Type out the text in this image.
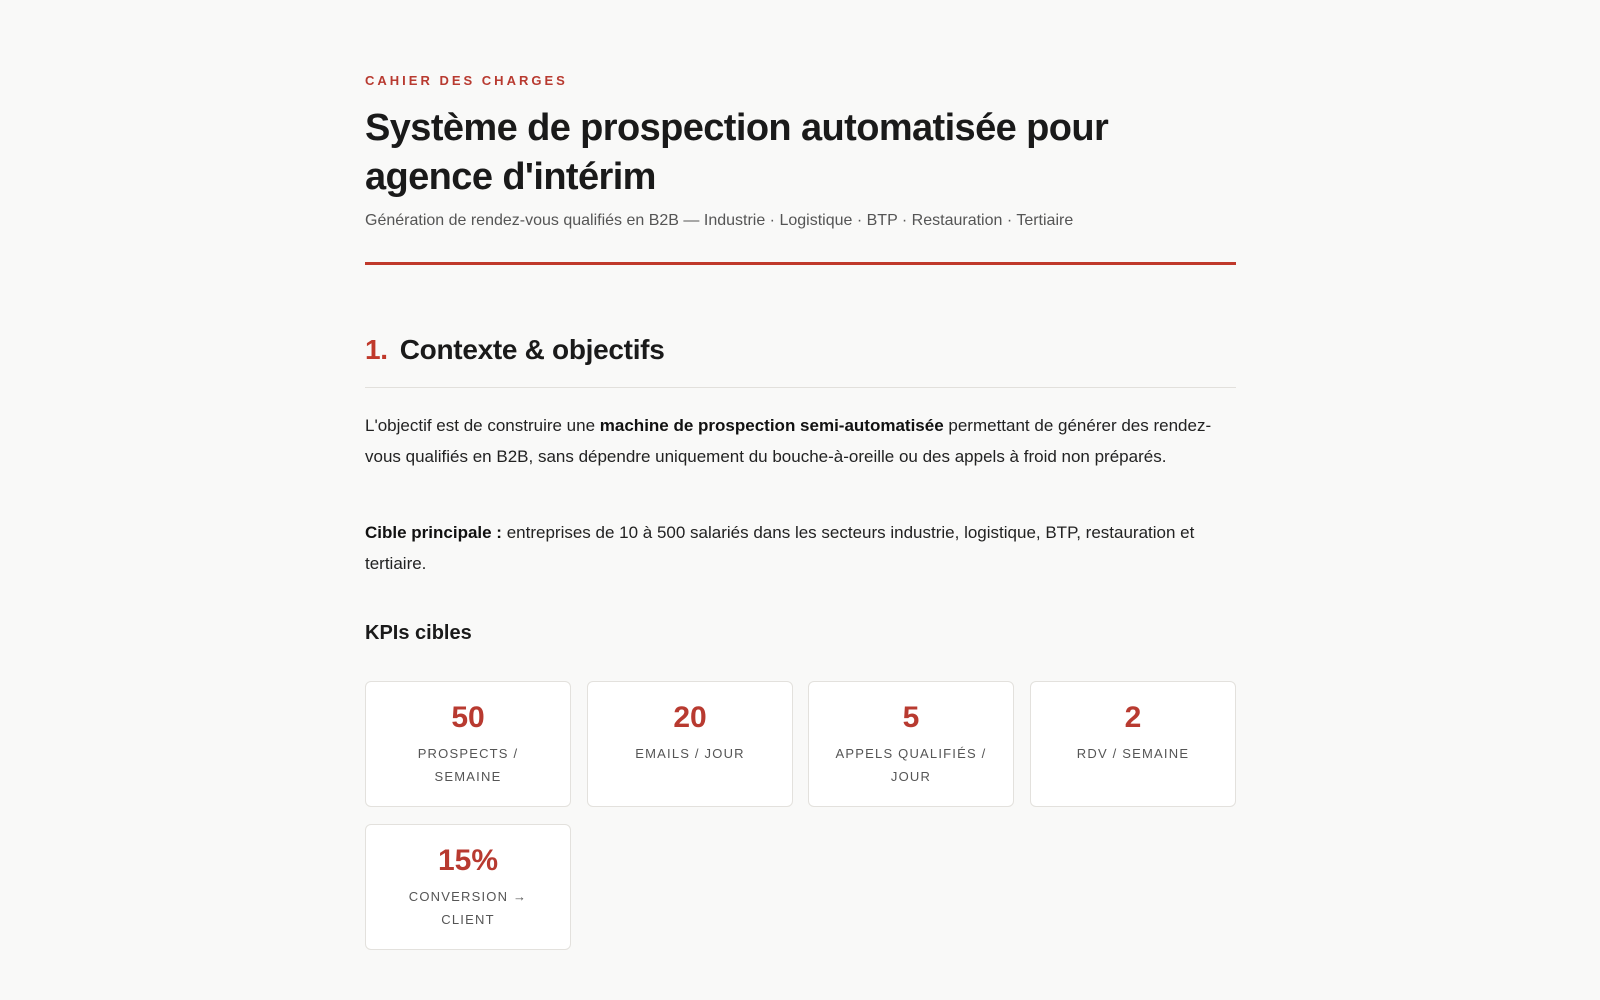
CAHIER DES CHARGES
Système de prospection automatisée pour agence d'intérim

Génération de rendez-vous qualifiés en B2B — Industrie · Logistique · BTP · Restauration · Tertiaire

1. Contexte & objectifs

L'objectif est de construire une machine de prospection semi-automatisée permettant de générer des rendez-vous qualifiés en B2B, sans dépendre uniquement du bouche-à-oreille ou des appels à froid non préparés.

Cible principale : entreprises de 10 à 500 salariés dans les secteurs industrie, logistique, BTP, restauration et tertiaire.

KPIs cibles
50
PROSPECTS / SEMAINE
20
EMAILS / JOUR
5
APPELS QUALIFIÉS / JOUR
2
RDV / SEMAINE
15%
CONVERSION → CLIENT
